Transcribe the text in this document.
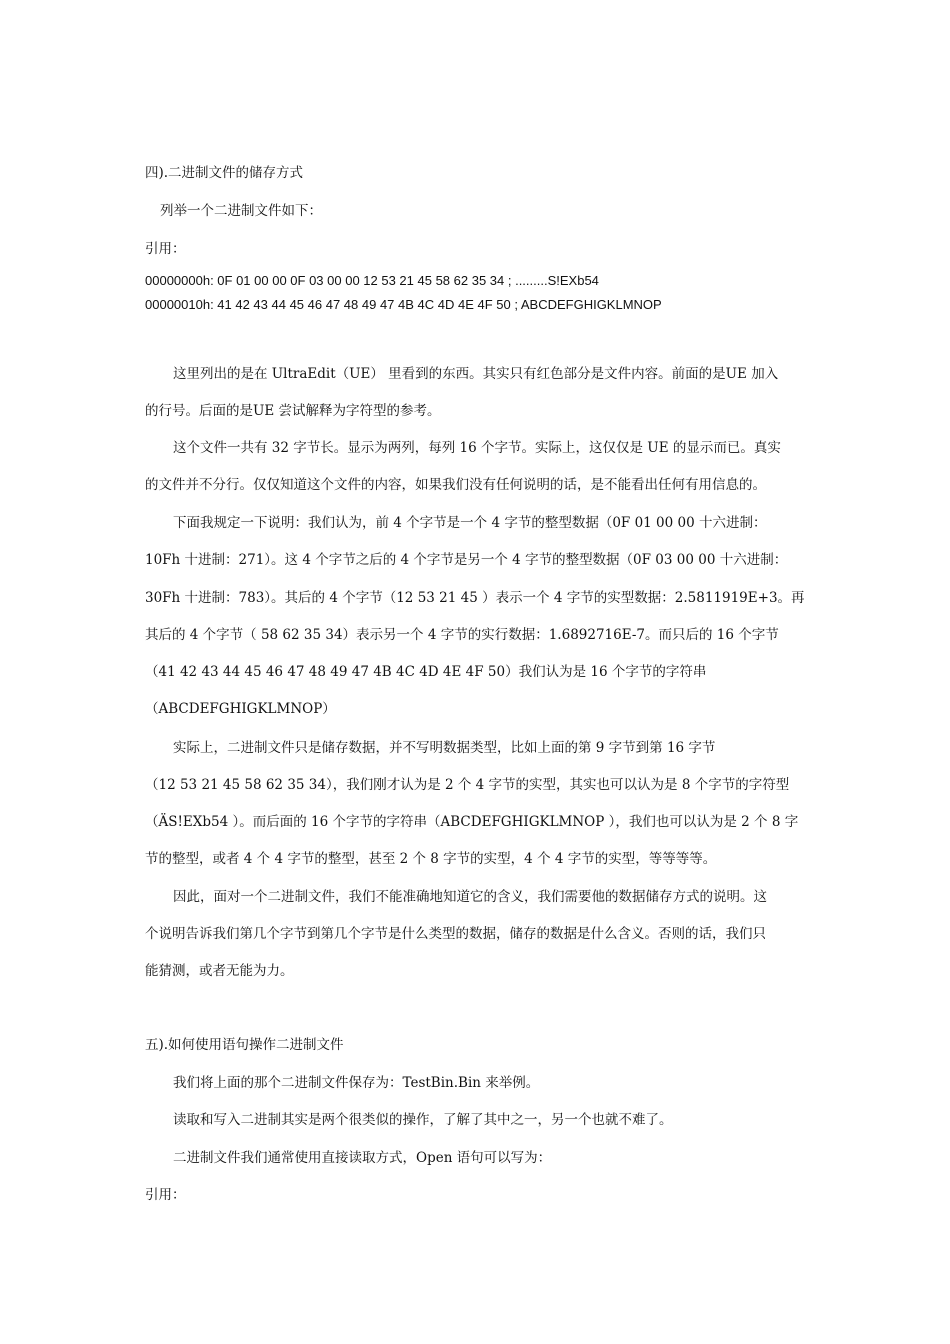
四).二进制文件的储存方式
列举一个二进制文件如下：
引用：
00000000h: 0F 01 00 00 0F 03 00 00 12 53 21 45 58 62 35 34 ; .........S!EXb54
00000010h: 41 42 43 44 45 46 47 48 49 47 4B 4C 4D 4E 4F 50 ; ABCDEFGHIGKLMNOP
这里列出的是在 UltraEdit（UE） 里看到的东西。其实只有红色部分是文件内容。前面的是UE 加入
的行号。后面的是UE 尝试解释为字符型的参考。
这个文件一共有 32 字节长。显示为两列，每列 16 个字节。实际上，这仅仅是 UE 的显示而已。真实
的文件并不分行。仅仅知道这个文件的内容，如果我们没有任何说明的话，是不能看出任何有用信息的。
下面我规定一下说明：我们认为，前 4 个字节是一个 4 字节的整型数据（0F 01 00 00 十六进制：
10Fh 十进制：271）。这 4 个字节之后的 4 个字节是另一个 4 字节的整型数据（0F 03 00 00 十六进制：
30Fh 十进制：783）。其后的 4 个字节（12 53 21 45 ）表示一个 4 字节的实型数据：2.5811919E+3。再
其后的 4 个字节（ 58 62 35 34）表示另一个 4 字节的实行数据：1.6892716E-7。而只后的 16 个字节
（41 42 43 44 45 46 47 48 49 47 4B 4C 4D 4E 4F 50）我们认为是 16 个字节的字符串
（ABCDEFGHIGKLMNOP）
实际上，二进制文件只是储存数据，并不写明数据类型，比如上面的第 9 字节到第 16 字节
（12 53 21 45 58 62 35 34），我们刚才认为是 2 个 4 字节的实型，其实也可以认为是 8 个字节的字符型
（ÄS!EXb54 ）。而后面的 16 个字节的字符串（ABCDEFGHIGKLMNOP ），我们也可以认为是 2 个 8 字
节的整型，或者 4 个 4 字节的整型，甚至 2 个 8 字节的实型，4 个 4 字节的实型，等等等等。
因此，面对一个二进制文件，我们不能准确地知道它的含义，我们需要他的数据储存方式的说明。这
个说明告诉我们第几个字节到第几个字节是什么类型的数据，储存的数据是什么含义。否则的话，我们只
能猜测，或者无能为力。
五).如何使用语句操作二进制文件
我们将上面的那个二进制文件保存为：TestBin.Bin 来举例。
读取和写入二进制其实是两个很类似的操作，了解了其中之一，另一个也就不难了。
二进制文件我们通常使用直接读取方式，Open 语句可以写为：
引用：
